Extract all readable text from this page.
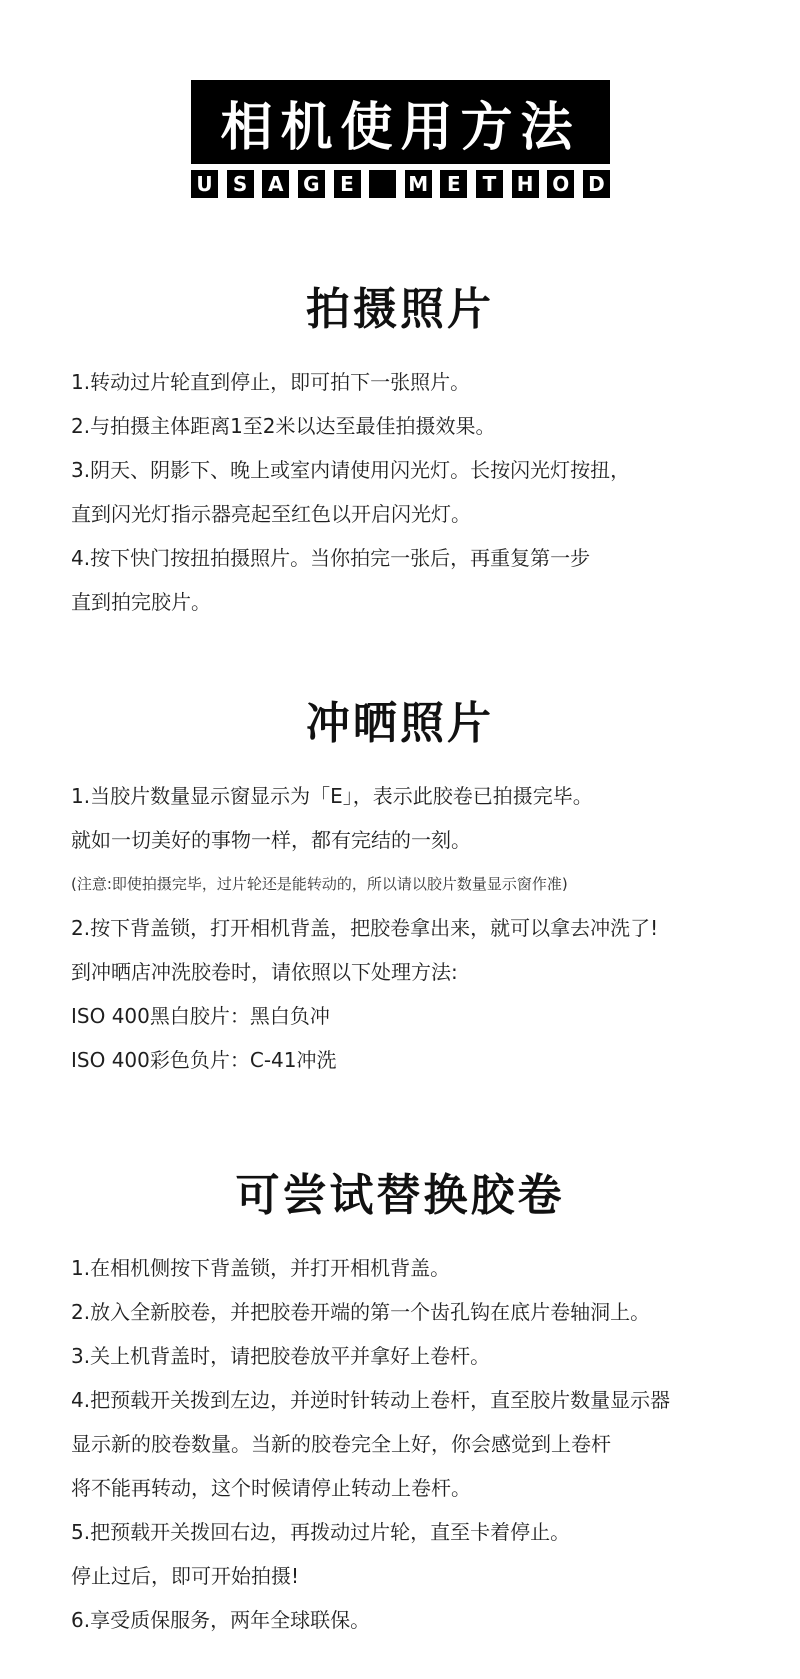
相机使用方法
U	S	A G	E	M E	T	H O D
拍摄照片
1.转动过片轮直到停止，即可拍下一张照片。
2.与拍摄主体距离1至2米以达至最佳拍摄效果。
3.阴天、阴影下、晚上或室内请使用闪光灯。长按闪光灯按扭，
直到闪光灯指示器亮起至红色以开启闪光灯。
4.按下快门按扭拍摄照片。当你拍完一张后，再重复第一步
直到拍完胶片。
冲晒照片
1.当胶片数量显示窗显示为「E」，表示此胶卷已拍摄完毕。
就如一切美好的事物一样，都有完结的一刻。
(注意:即使拍摄完毕，过片轮还是能转动的，所以请以胶片数量显示窗作准)
2.按下背盖锁，打开相机背盖，把胶卷拿出来，就可以拿去冲洗了!
到冲晒店冲洗胶卷时，请依照以下处理方法:
ISO 400黑白胶片：黑白负冲
ISO 400彩色负片：C-41冲洗
可尝试替换胶卷
1.在相机侧按下背盖锁，并打开相机背盖。
2.放入全新胶卷，并把胶卷开端的第一个齿孔钩在底片卷轴洞上。
3.关上机背盖时，请把胶卷放平并拿好上卷杆。
4.把预载开关拨到左边，并逆时针转动上卷杆，直至胶片数量显示器
显示新的胶卷数量。当新的胶卷完全上好，你会感觉到上卷杆
将不能再转动，这个时候请停止转动上卷杆。
5.把预载开关拨回右边，再拨动过片轮，直至卡着停止。
停止过后，即可开始拍摄!
6.享受质保服务，两年全球联保。
